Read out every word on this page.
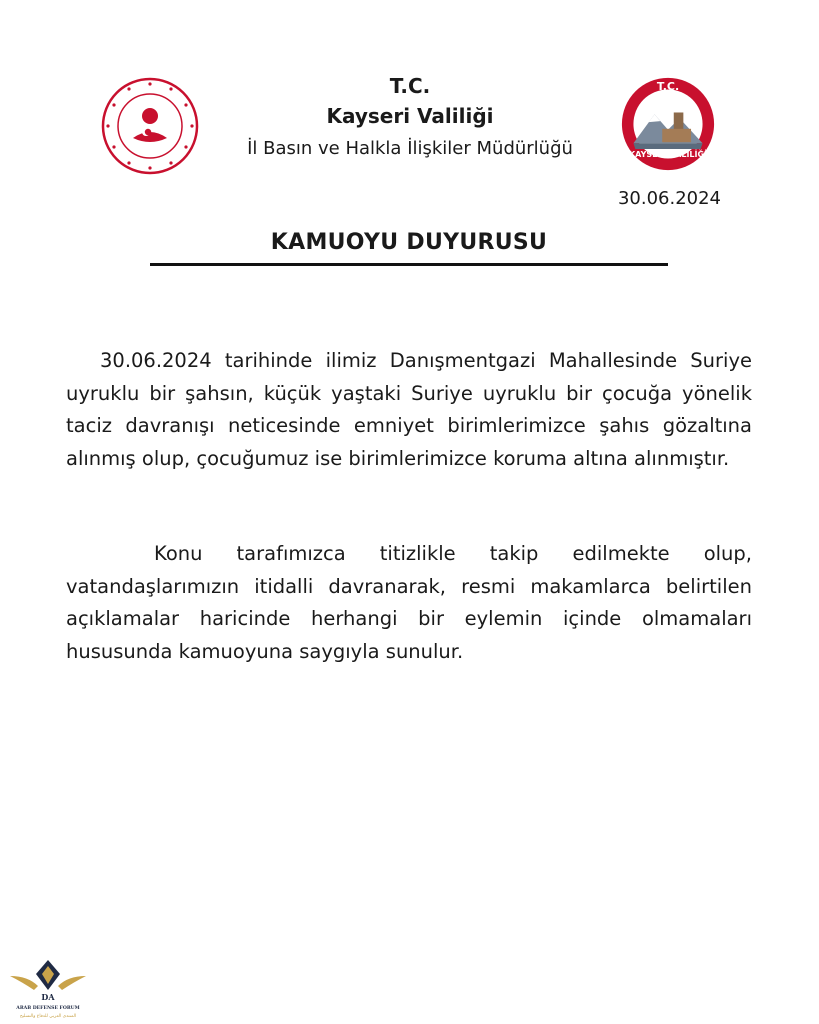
T.C.
KAYSERİ VALİLİĞİ
T.C.
Kayseri Valiliği
İl Basın ve Halkla İlişkiler Müdürlüğü
30.06.2024
KAMUOYU DUYURUSU
30.06.2024 tarihinde ilimiz Danışmentgazi Mahallesinde Suriye uyruklu bir şahsın, küçük yaştaki Suriye uyruklu bir çocuğa yönelik taciz davranışı neticesinde emniyet birimlerimizce şahıs gözaltına alınmış olup, çocuğumuz ise birimlerimizce koruma altına alınmıştır.
Konu tarafımızca titizlikle takip edilmekte olup, vatandaşlarımızın itidalli davranarak, resmi makamlarca belirtilen açıklamalar haricinde herhangi bir eylemin içinde olmamaları hususunda kamuoyuna saygıyla sunulur.
DA
ARAB DEFENSE FORUM
المنتدى العربي للدفاع والتسليح
